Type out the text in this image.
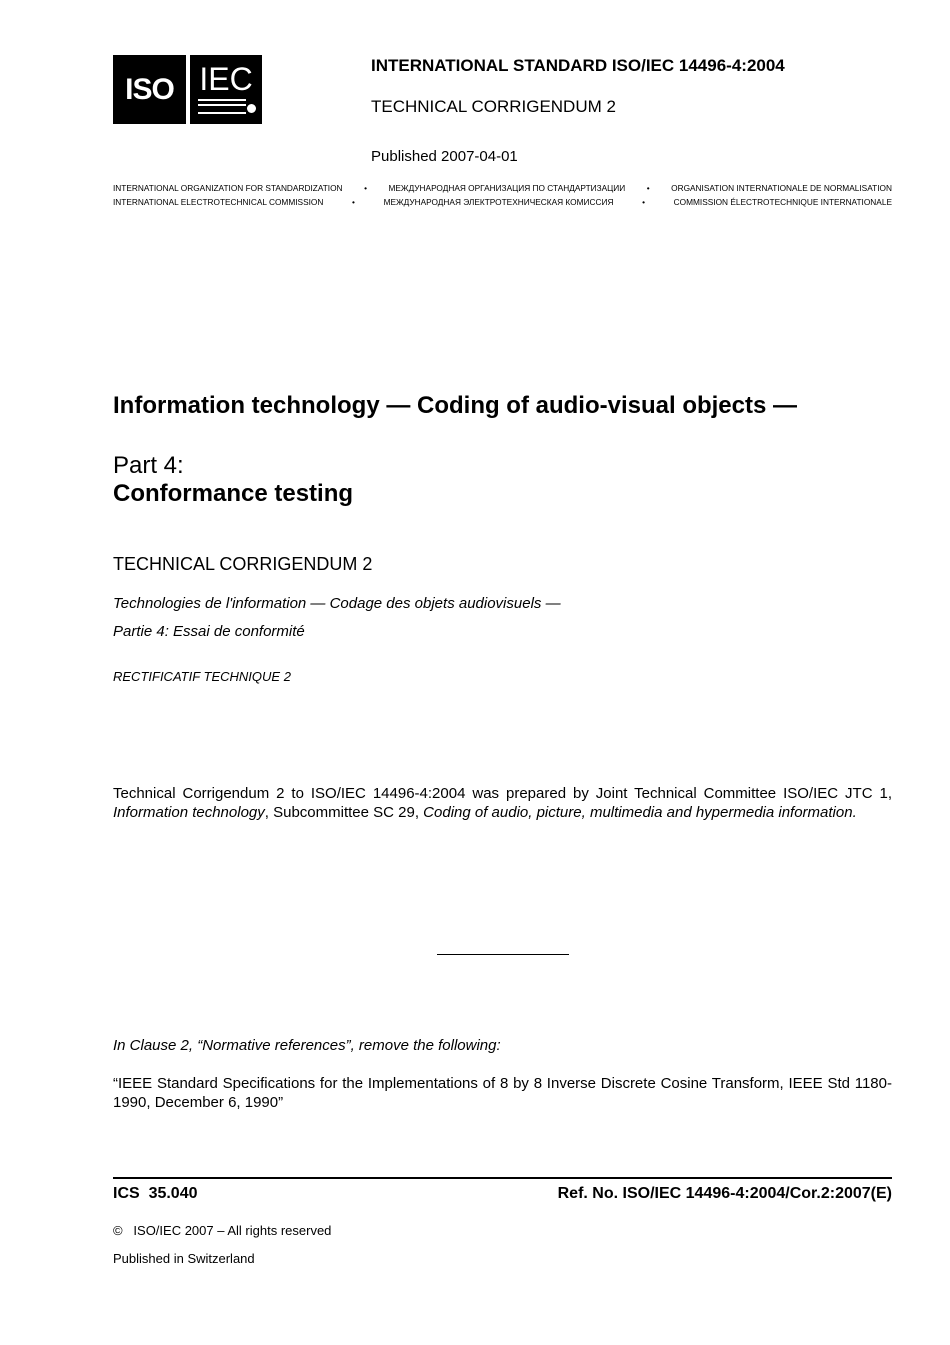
ISO IEC	INTERNATIONAL STANDARD ISO/IEC 14496-4:2004
TECHNICAL CORRIGENDUM 2
Published 2007-04-01
INTERNATIONAL ORGANIZATION FOR STANDARDIZATION	•	МЕЖДУНАРОДНАЯ ОРГАНИЗАЦИЯ ПО СТАНДАРТИЗАЦИИ	•	ORGANISATION INTERNATIONALE DE NORMALISATION
INTERNATIONAL ELECTROTECHNICAL COMMISSION	•	МЕЖДУНАРОДНАЯ ЭЛЕКТРОТЕХНИЧЕСКАЯ КОМИССИЯ	•	COMMISSION ÉLECTROTECHNIQUE INTERNATIONALE
Information technology — Coding of audio-visual objects —
Part 4:
Conformance testing
TECHNICAL CORRIGENDUM 2
Technologies de l'information — Codage des objets audiovisuels —
Partie 4: Essai de conformité
RECTIFICATIF TECHNIQUE 2
Technical Corrigendum 2 to ISO/IEC 14496-4:2004 was prepared by Joint Technical Committee ISO/IEC JTC 1, Information technology, Subcommittee SC 29, Coding of audio, picture, multimedia and hypermedia information.
In Clause 2, “Normative references”, remove the following:
“IEEE Standard Specifications for the Implementations of 8 by 8 Inverse Discrete Cosine Transform, IEEE Std 1180-1990, December 6, 1990”
ICS  35.040	Ref. No. ISO/IEC 14496-4:2004/Cor.2:2007(E)
©   ISO/IEC 2007 – All rights reserved
Published in Switzerland
